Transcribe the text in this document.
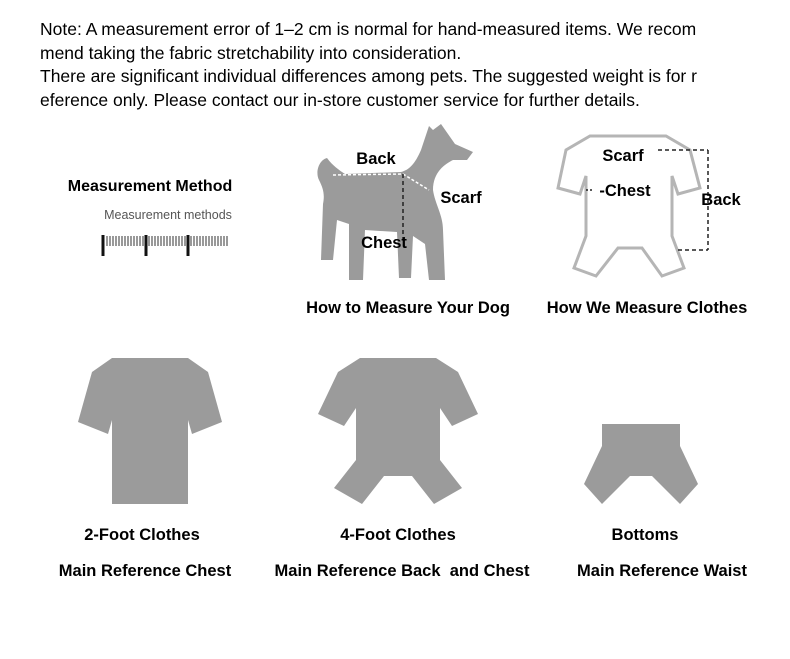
Note: A measurement error of 1–2 cm is normal for hand-measured items. We recom

mend taking the fabric stretchability into consideration.

There are significant individual differences among pets. The suggested weight is for r

eference only. Please contact our in-store customer service for further details.

Measurement Method
Measurement methods
Back
Scarf
Chest
How to Measure Your Dog
Scarf
-Chest	Back
How We Measure Clothes
2-Foot Clothes
Main Reference Chest
4-Foot Clothes
Main Reference Back  and Chest
Bottoms
Main Reference Waist
